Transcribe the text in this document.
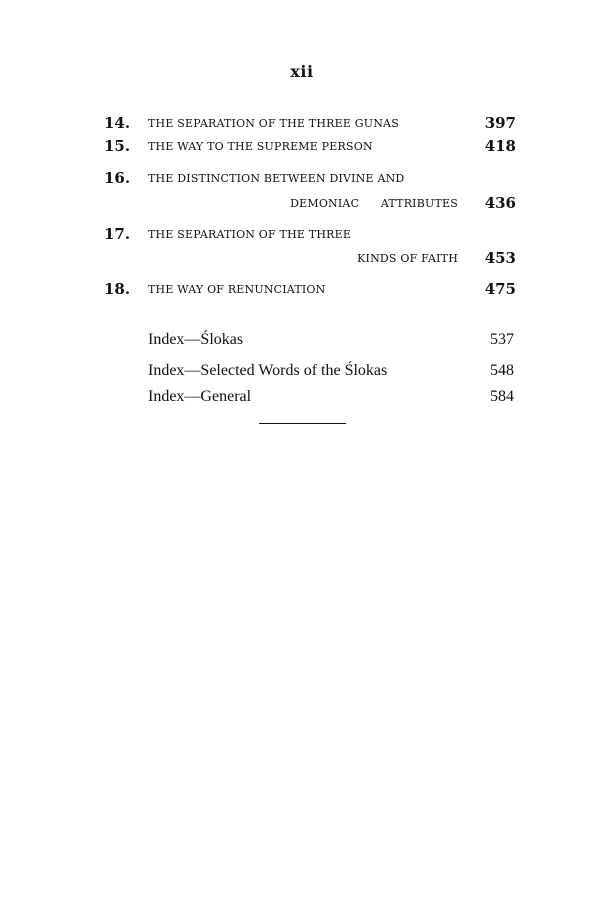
xii
14. THE SEPARATION OF THE THREE GUNAS	397
15. THE WAY TO THE SUPREME PERSON	418
16. THE DISTINCTION BETWEEN DIVINE AND
DEMONIAC ATTRIBUTES 436
17. THE SEPARATION OF THE THREE
KINDS OF FAITH 453
18. THE WAY OF RENUNCIATION	475
Index—Ślokas	537
Index—Selected Words of the Ślokas	548
Index—General	584
